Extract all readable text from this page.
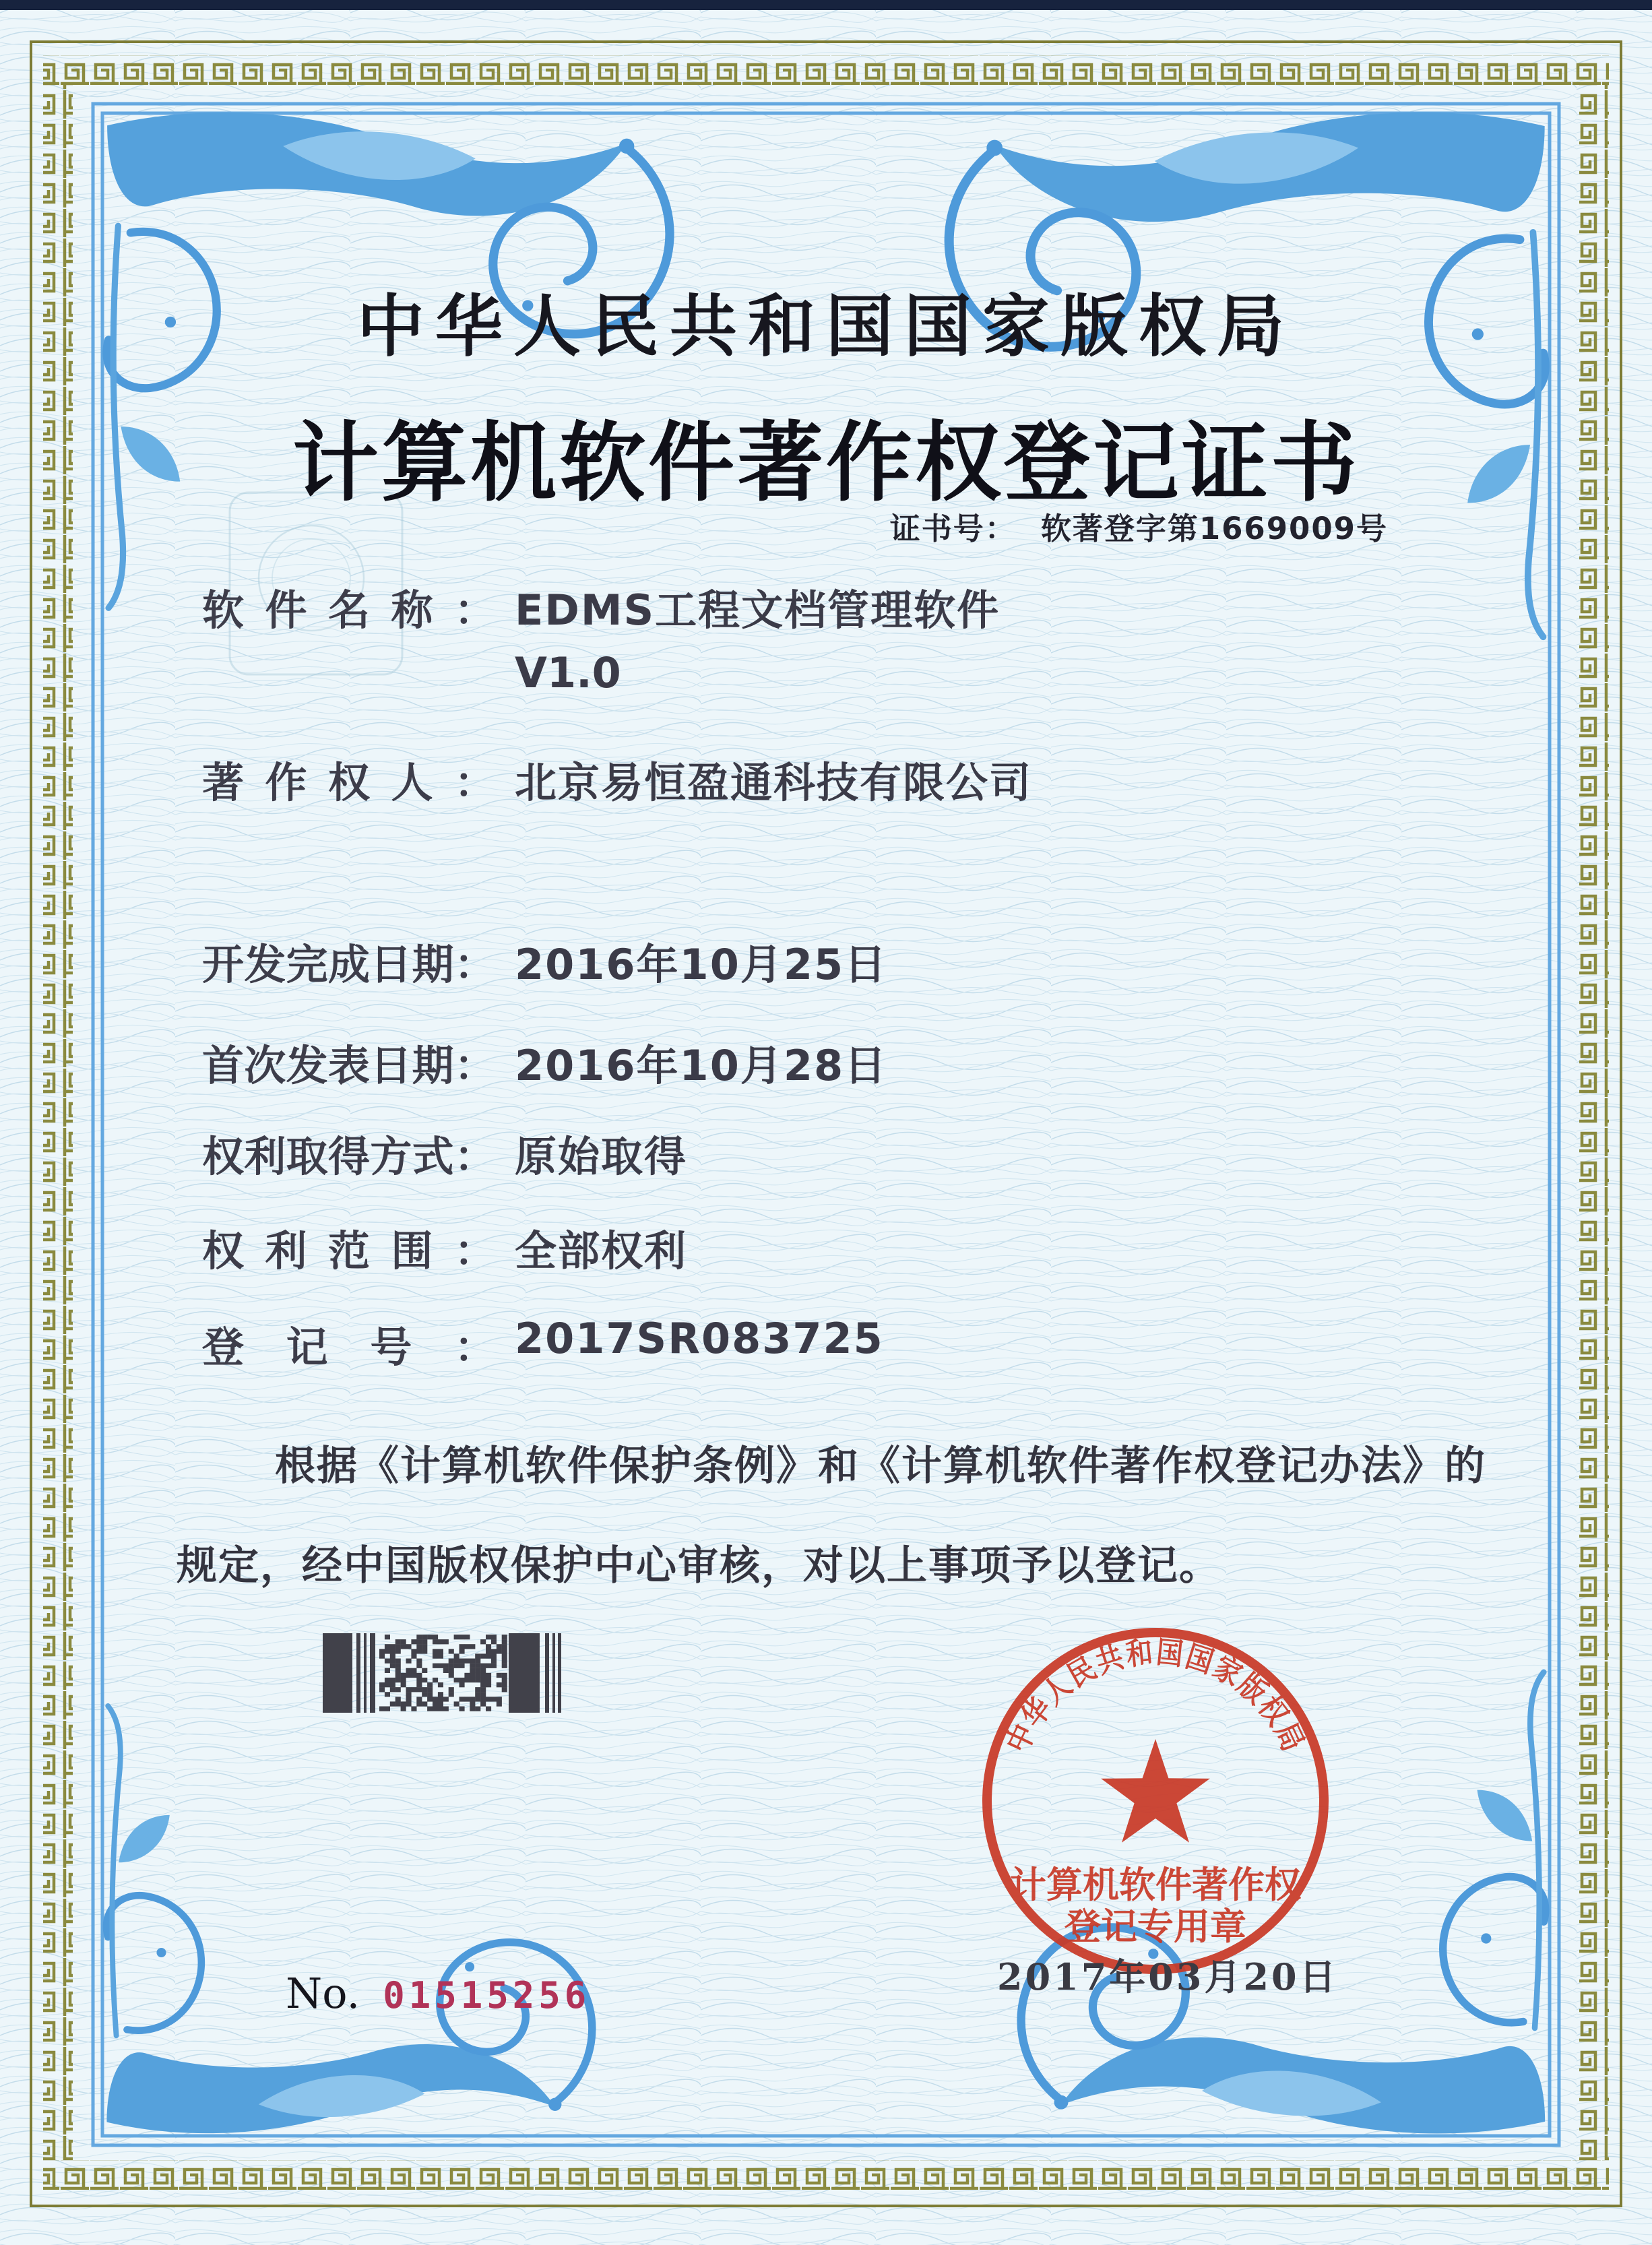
中华人民共和国国家版权局
计算机软件著作权登记证书
证书号： 软著登字第1669009号
软 件 名 称 ： EDMS工程文档管理软件
V1.0
著 作 权 人 ： 北京易恒盈通科技有限公司
开 发 完 成 日 期 ： 2016年10月25日
首 次 发 表 日 期 ： 2016年10月28日
权 利 取 得 方 式 ： 原始取得
权 利 范 围 ： 全部权利
登 记 号 ： 2017SR083725
根据《计算机软件保护条例》和《计算机软件著作权登记办法》的
规定，经中国版权保护中心审核，对以上事项予以登记。
中华人民共和国国家版权局
计算机软件著作权
登记专用章
2017年03月20日
No. 01515256
